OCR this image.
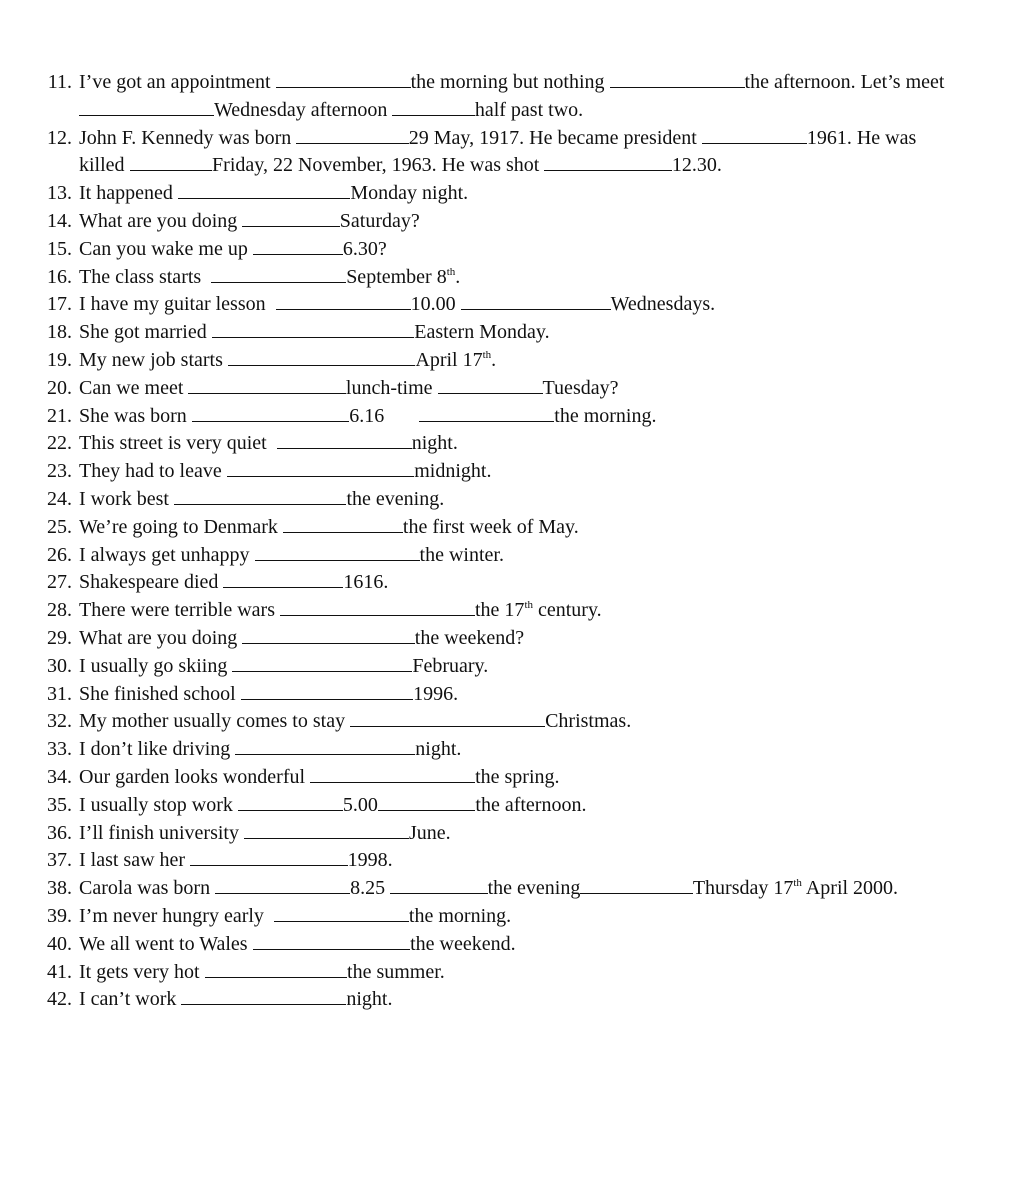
11. I’ve got an appointment	the morning but nothing	the afternoon. Let’s meet
Wednesday afternoon	half past two.
12. John F. Kennedy was born	29 May, 1917. He became president	1961. He was
killed	Friday, 22 November, 1963. He was shot	12.30.
13. It happened	Monday night.
14. What are you doing	Saturday?
15. Can you wake me up	6.30?
16. The class starts	September 8th.
17. I have my guitar lesson	10.00	Wednesdays.
18. She got married	Eastern Monday.
19. My new job starts	April 17th.
20. Can we meet	lunch-time	Tuesday?
21. She was born	6.16	the morning.
22. This street is very quiet	night.
23. They had to leave	midnight.
24. I work best	the evening.
25. We’re going to Denmark	the first week of May.
26. I always get unhappy	the winter.
27. Shakespeare died	1616.
28. There were terrible wars	the 17th century.
29. What are you doing	the weekend?
30. I usually go skiing	February.
31. She finished school	1996.
32. My mother usually comes to stay	Christmas.
33. I don’t like driving	night.
34. Our garden looks wonderful	the spring.
35. I usually stop work	5.00	the afternoon.
36. I’ll finish university	June.
37. I last saw her	1998.
38. Carola was born	8.25	the evening	Thursday 17th April 2000.
39. I’m never hungry early	the morning.
40. We all went to Wales	the weekend.
41. It gets very hot	the summer.
42. I can’t work	night.
